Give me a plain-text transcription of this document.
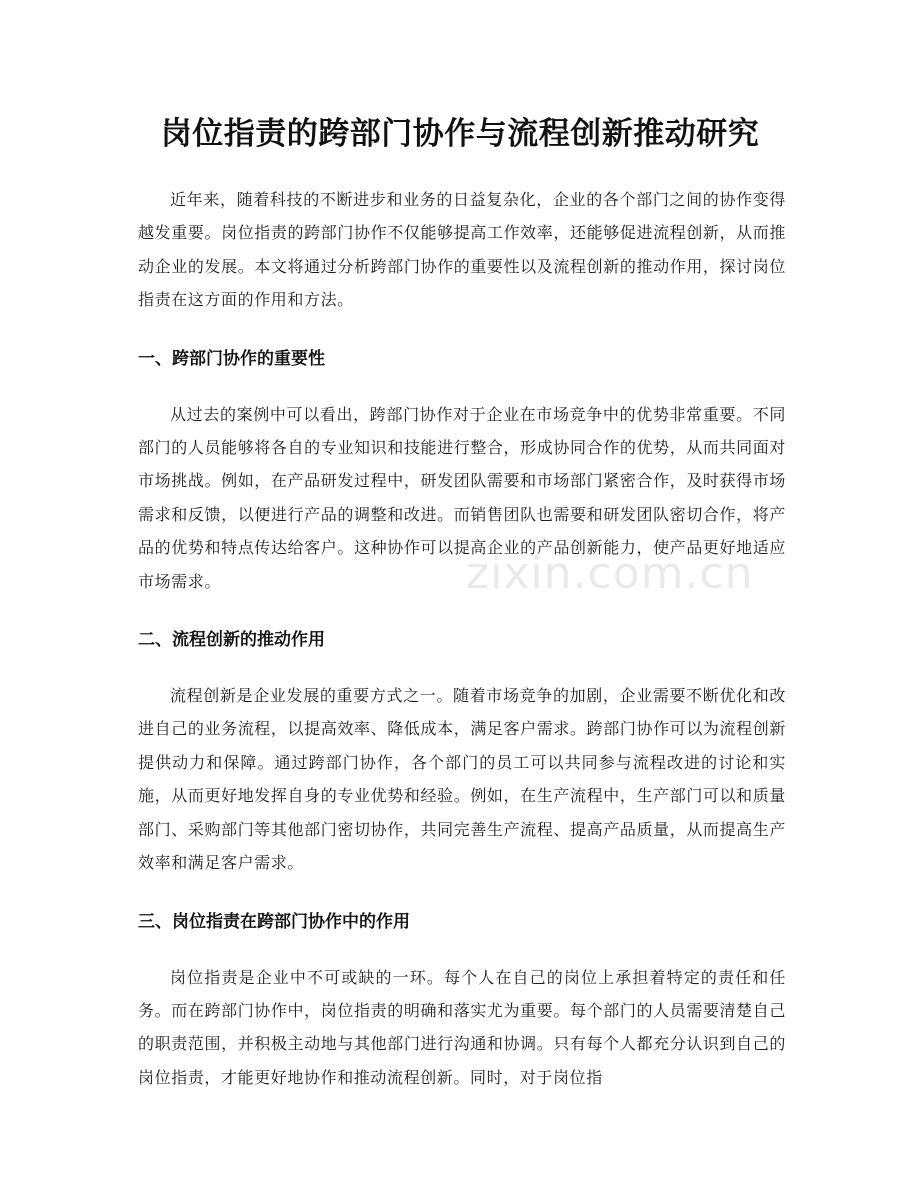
岗位指责的跨部门协作与流程创新推动研究

近年来，随着科技的不断进步和业务的日益复杂化，企业的各个部门之间的协作变得越发重要。岗位指责的跨部门协作不仅能够提高工作效率，还能够促进流程创新，从而推动企业的发展。本文将通过分析跨部门协作的重要性以及流程创新的推动作用，探讨岗位指责在这方面的作用和方法。

一、跨部门协作的重要性

从过去的案例中可以看出，跨部门协作对于企业在市场竞争中的优势非常重要。不同部门的人员能够将各自的专业知识和技能进行整合，形成协同合作的优势，从而共同面对市场挑战。例如，在产品研发过程中，研发团队需要和市场部门紧密合作，及时获得市场需求和反馈，以便进行产品的调整和改进。而销售团队也需要和研发团队密切合作，将产品的优势和特点传达给客户。这种协作可以提高企业的产品创新能力，使产品更好地适应市场需求。

二、流程创新的推动作用

流程创新是企业发展的重要方式之一。随着市场竞争的加剧，企业需要不断优化和改进自己的业务流程，以提高效率、降低成本，满足客户需求。跨部门协作可以为流程创新提供动力和保障。通过跨部门协作，各个部门的员工可以共同参与流程改进的讨论和实施，从而更好地发挥自身的专业优势和经验。例如，在生产流程中，生产部门可以和质量部门、采购部门等其他部门密切协作，共同完善生产流程、提高产品质量，从而提高生产效率和满足客户需求。

三、岗位指责在跨部门协作中的作用

岗位指责是企业中不可或缺的一环。每个人在自己的岗位上承担着特定的责任和任务。而在跨部门协作中，岗位指责的明确和落实尤为重要。每个部门的人员需要清楚自己的职责范围，并积极主动地与其他部门进行沟通和协调。只有每个人都充分认识到自己的岗位指责，才能更好地协作和推动流程创新。同时，对于岗位指

zixin.com.cn
